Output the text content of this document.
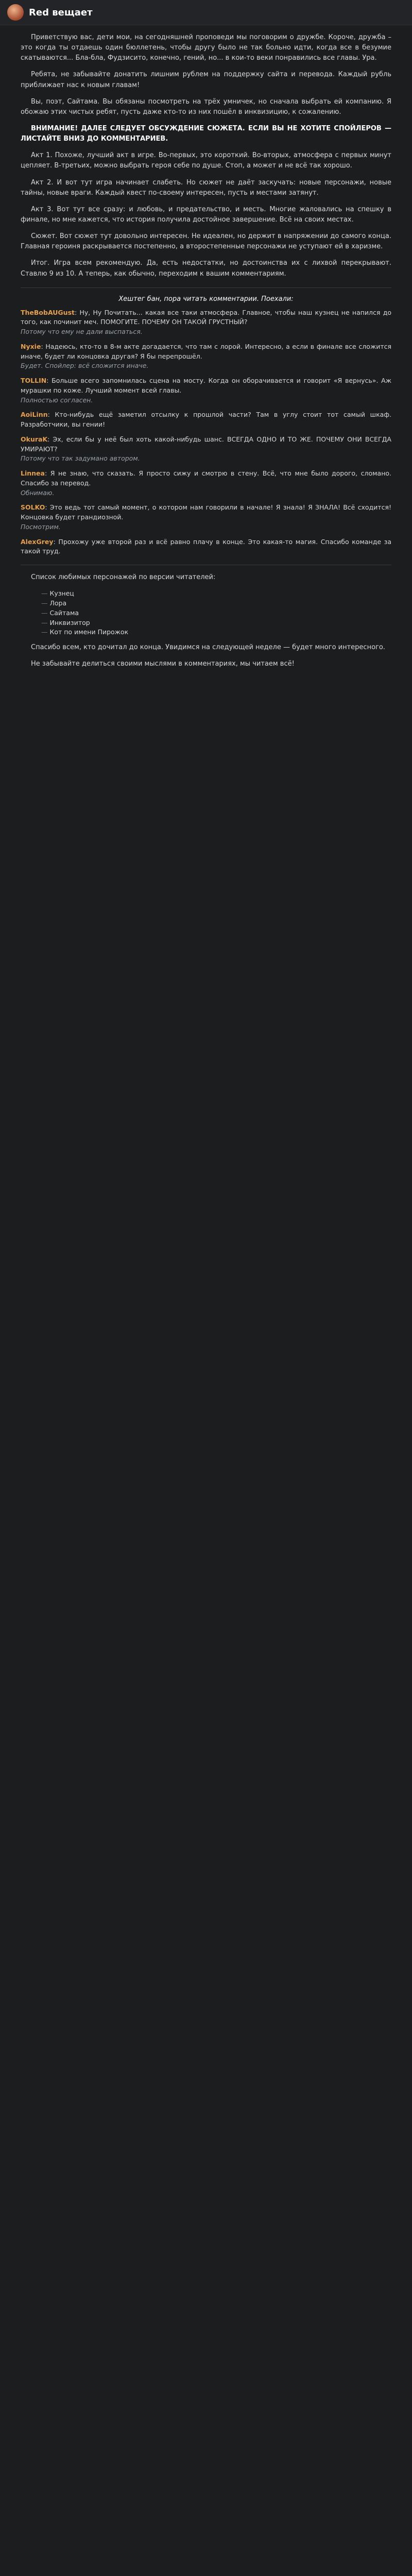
Red вещает

Приветствую вас, дети мои, на сегодняшней проповеди мы поговорим о дружбе. Короче, дружба – это когда ты отдаешь один бюллетень, чтобы другу было не так больно идти, когда все в безумие скатываются... Бла-бла, Фудзисито, конечно, гений, но... в кои-то веки понравились все главы. Ура.

Ребята, не забывайте донатить лишним рублем на поддержку сайта и перевода. Каждый рубль приближает нас к новым главам!

Вы, поэт, Сайтама. Вы обязаны посмотреть на трёх умничек, но сначала выбрать ей компанию. Я обожаю этих чистых ребят, пусть даже кто-то из них пошёл в инквизицию, к сожалению.

ВНИМАНИЕ! ДАЛЕЕ СЛЕДУЕТ ОБСУЖДЕНИЕ СЮЖЕТА. ЕСЛИ ВЫ НЕ ХОТИТЕ СПОЙЛЕРОВ — ЛИСТАЙТЕ ВНИЗ ДО КОММЕНТАРИЕВ.

Акт 1. Похоже, лучший акт в игре. Во-первых, это короткий. Во-вторых, атмосфера с первых минут цепляет. В-третьих, можно выбрать героя себе по душе. Стоп, а может и не всё так хорошо.

Акт 2. И вот тут игра начинает слабеть. Но сюжет не даёт заскучать: новые персонажи, новые тайны, новые враги. Каждый квест по-своему интересен, пусть и местами затянут.

Акт 3. Вот тут все сразу: и любовь, и предательство, и месть. Многие жаловались на спешку в финале, но мне кажется, что история получила достойное завершение. Всё на своих местах.

Сюжет. Вот сюжет тут довольно интересен. Не идеален, но держит в напряжении до самого конца. Главная героиня раскрывается постепенно, а второстепенные персонажи не уступают ей в харизме.

Итог. Игра всем рекомендую. Да, есть недостатки, но достоинства их с лихвой перекрывают. Ставлю 9 из 10. А теперь, как обычно, переходим к вашим комментариям.

Хештег бан, пора читать комментарии. Поехали:
TheBobAUGust: Ну, Ну Почитать... какая все таки атмосфера. Главное, чтобы наш кузнец не напился до того, как починит меч. ПОМОГИТЕ. ПОЧЕМУ ОН ТАКОЙ ГРУСТНЫЙ?
Потому что ему не дали выспаться.
Nyxie: Надеюсь, кто-то в 8-м акте догадается, что там с лорой. Интересно, а если в финале все сложится иначе, будет ли концовка другая? Я бы перепрошёл.
Будет. Спойлер: всё сложится иначе.
TOLLIN: Больше всего запомнилась сцена на мосту. Когда он оборачивается и говорит «Я вернусь». Аж мурашки по коже. Лучший момент всей главы.
Полностью согласен.
AoiLinn: Кто-нибудь ещё заметил отсылку к прошлой части? Там в углу стоит тот самый шкаф. Разработчики, вы гении!
OkuraK: Эх, если бы у неё был хоть какой-нибудь шанс. ВСЕГДА ОДНО И ТО ЖЕ. ПОЧЕМУ ОНИ ВСЕГДА УМИРАЮТ?
Потому что так задумано автором.
Linnea: Я не знаю, что сказать. Я просто сижу и смотрю в стену. Всё, что мне было дорого, сломано. Спасибо за перевод.
Обнимаю.
SOLKO: Это ведь тот самый момент, о котором нам говорили в начале! Я знала! Я ЗНАЛА! Всё сходится! Концовка будет грандиозной.
Посмотрим.
AlexGrey: Прохожу уже второй раз и всё равно плачу в конце. Это какая-то магия. Спасибо команде за такой труд.

Список любимых персонажей по версии читателей:

— Кузнец
— Лора
— Сайтама
— Инквизитор
— Кот по имени Пирожок

Спасибо всем, кто дочитал до конца. Увидимся на следующей неделе — будет много интересного.

Не забывайте делиться своими мыслями в комментариях, мы читаем всё!
